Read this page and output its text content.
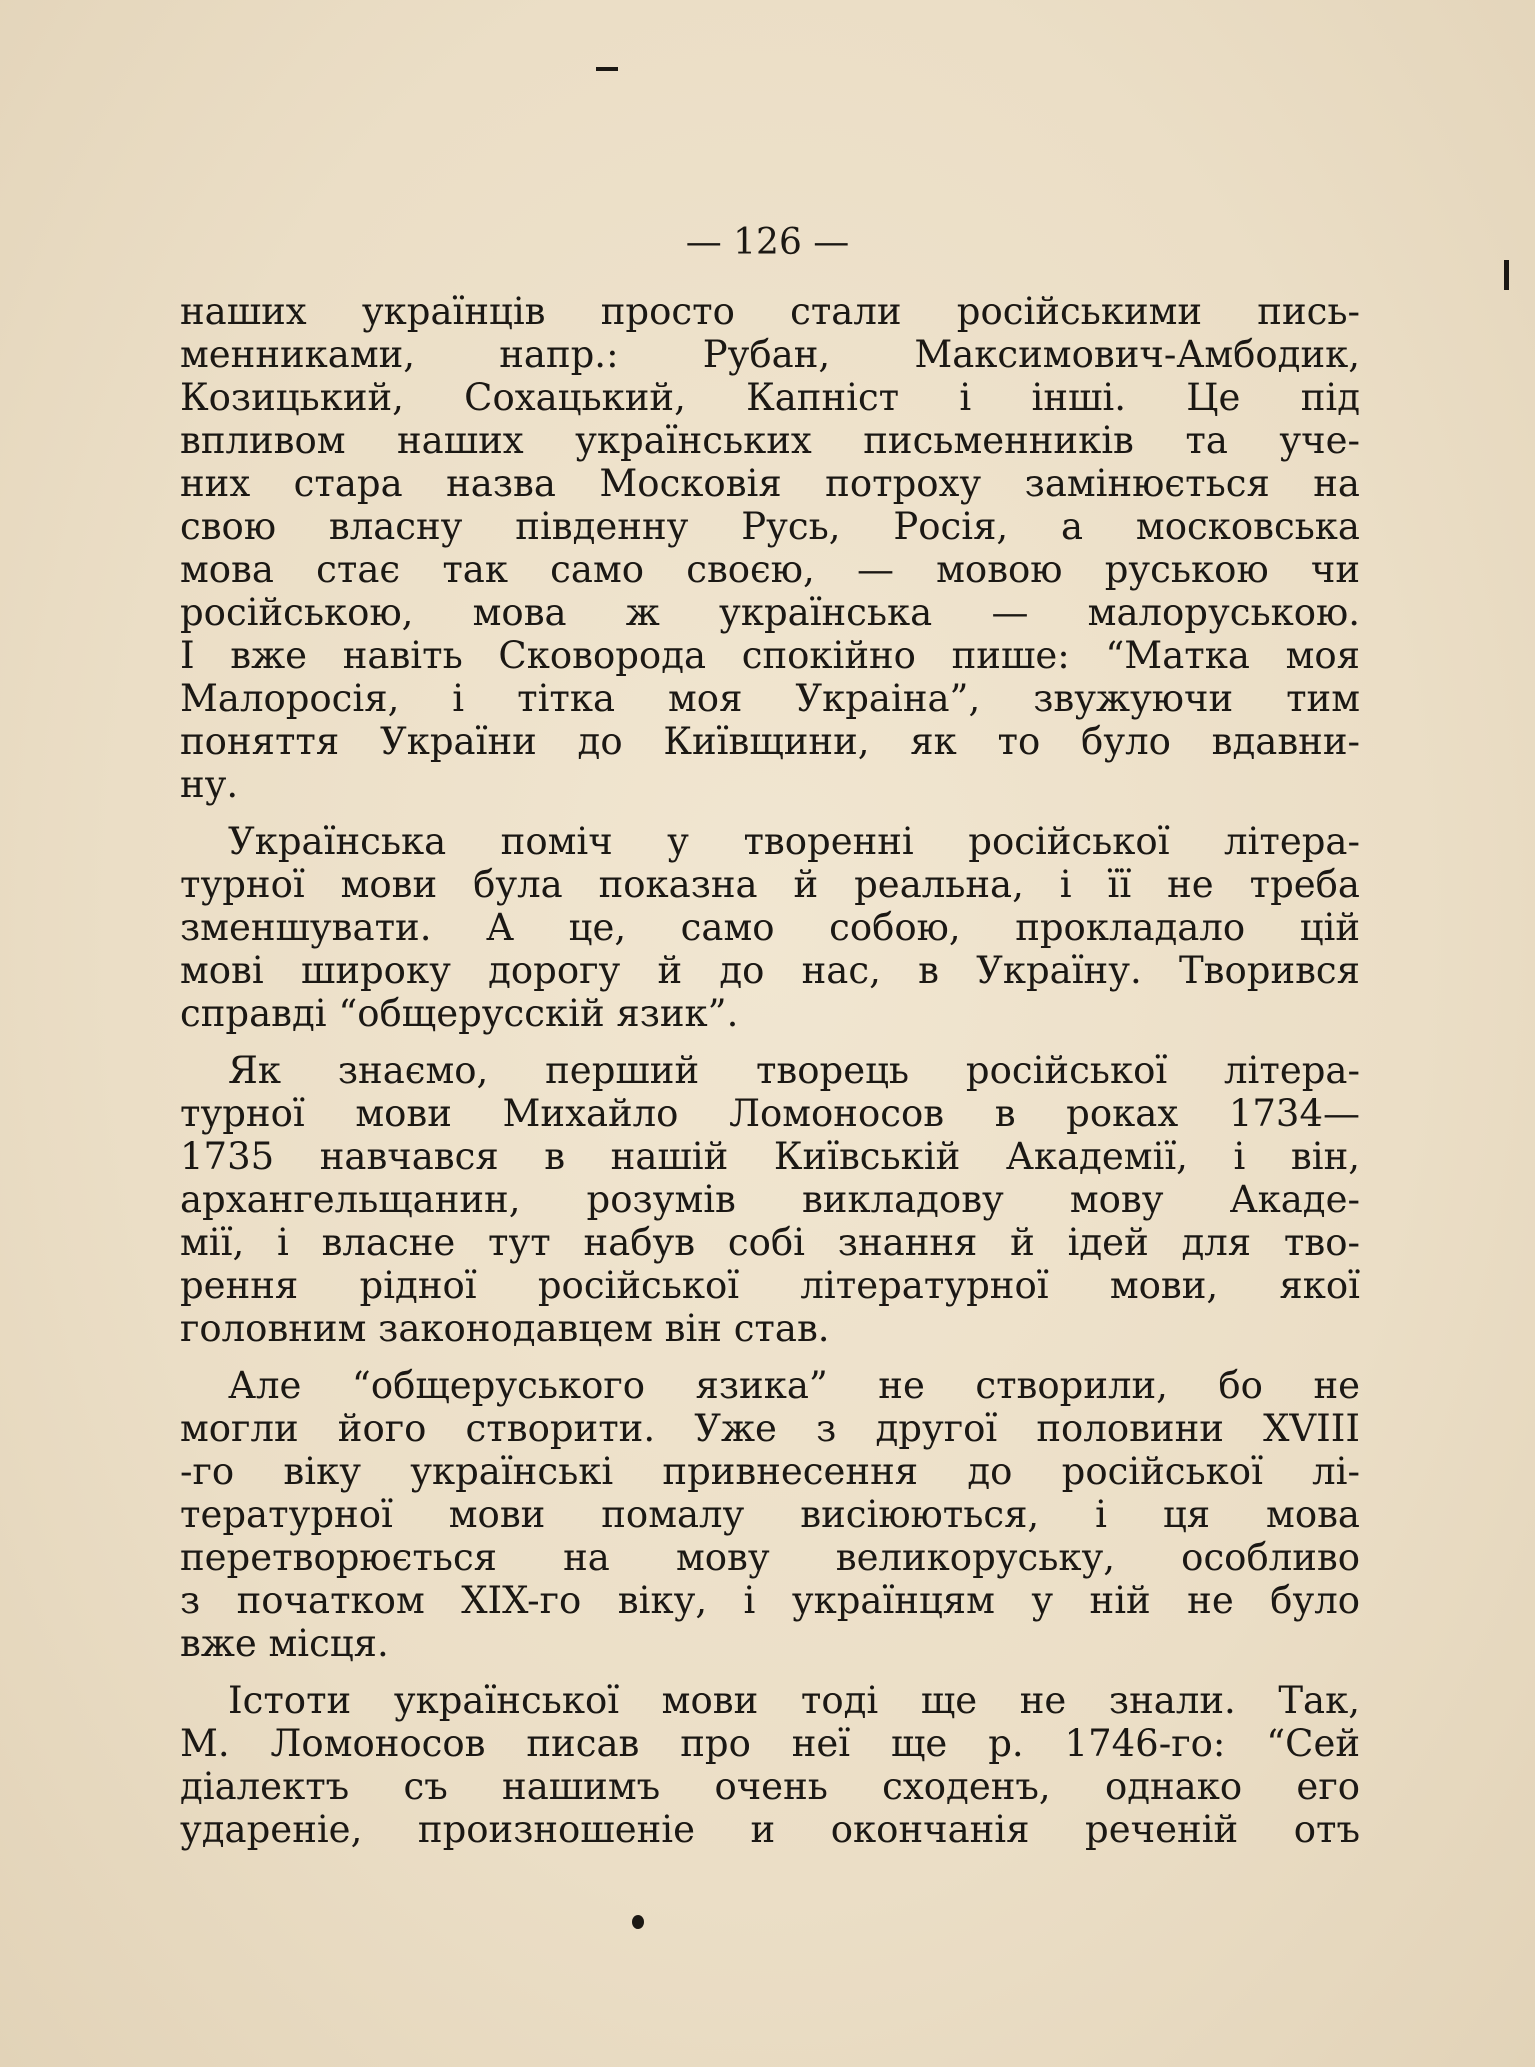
— 126 —
наших українців просто стали російськими пись-
менниками, напр.: Рубан, Максимович-Амбодик,
Козицький, Сохацький, Капніст і інші. Це під
впливом наших українських письменників та уче-
них стара назва Московія потроху замінюється на
свою власну південну Русь, Росія, а московська
мова стає так само своєю, — мовою руською чи
російською, мова ж українська — малоруською.
І вже навіть Сковорода спокійно пише: “Матка моя
Малоросія, і тітка моя Украіна”, звужуючи тим
поняття України до Київщини, як то було вдавни-
ну.
Українська поміч у творенні російської літера-
турної мови була показна й реальна, і її не треба
зменшувати. А це, само собою, прокладало цій
мові широку дорогу й до нас, в Україну. Творився
справді “общерусскій язик”.
Як знаємо, перший творець російської літера-
турної мови Михайло Ломоносов в роках 1734—
1735 навчався в нашій Київській Академії, і він,
архангельщанин, розумів викладову мову Акаде-
мії, і власне тут набув собі знання й ідей для тво-
рення рідної російської літературної мови, якої
головним законодавцем він став.
Але “общеруського язика” не створили, бо не
могли його створити. Уже з другої половини XVIII
-го віку українські привнесення до російської лі-
тературної мови помалу висіюються, і ця мова
перетворюється на мову великоруську, особливо
з початком XIX-го віку, і українцям у ній не було
вже місця.
Істоти української мови тоді ще не знали. Так,
М. Ломоносов писав про неї ще р. 1746-го: “Сей
діалектъ съ нашимъ очень сходенъ, однако его
удареніе, произношеніе и окончанія реченій отъ
